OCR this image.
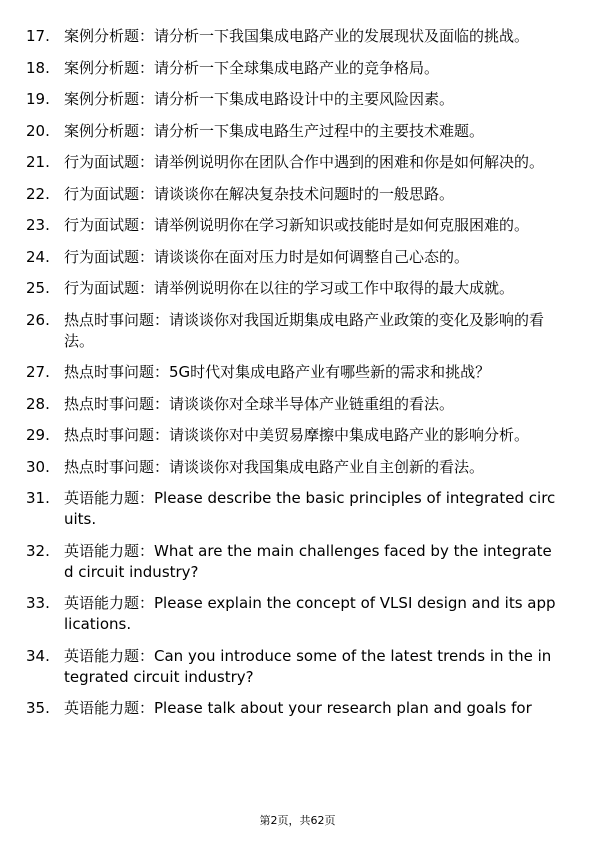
17. 案例分析题：请分析一下我国集成电路产业的发展现状及面临的挑战。

18. 案例分析题：请分析一下全球集成电路产业的竞争格局。

19. 案例分析题：请分析一下集成电路设计中的主要风险因素。

20. 案例分析题：请分析一下集成电路生产过程中的主要技术难题。

21. 行为面试题：请举例说明你在团队合作中遇到的困难和你是如何解决的。

22. 行为面试题：请谈谈你在解决复杂技术问题时的一般思路。

23. 行为面试题：请举例说明你在学习新知识或技能时是如何克服困难的。

24. 行为面试题：请谈谈你在面对压力时是如何调整自己心态的。

25. 行为面试题：请举例说明你在以往的学习或工作中取得的最大成就。

26. 热点时事问题：请谈谈你对我国近期集成电路产业政策的变化及影响的看法。

27. 热点时事问题：5G时代对集成电路产业有哪些新的需求和挑战？

28. 热点时事问题：请谈谈你对全球半导体产业链重组的看法。

29. 热点时事问题：请谈谈你对中美贸易摩擦中集成电路产业的影响分析。

30. 热点时事问题：请谈谈你对我国集成电路产业自主创新的看法。

31. 英语能力题：Please describe the basic principles of integrated circuits.

32. 英语能力题：What are the main challenges faced by the integrated circuit industry?

33. 英语能力题：Please explain the concept of VLSI design and its applications.

34. 英语能力题：Can you introduce some of the latest trends in the integrated circuit industry?

35. 英语能力题：Please talk about your research plan and goals for

第2页，共62页
